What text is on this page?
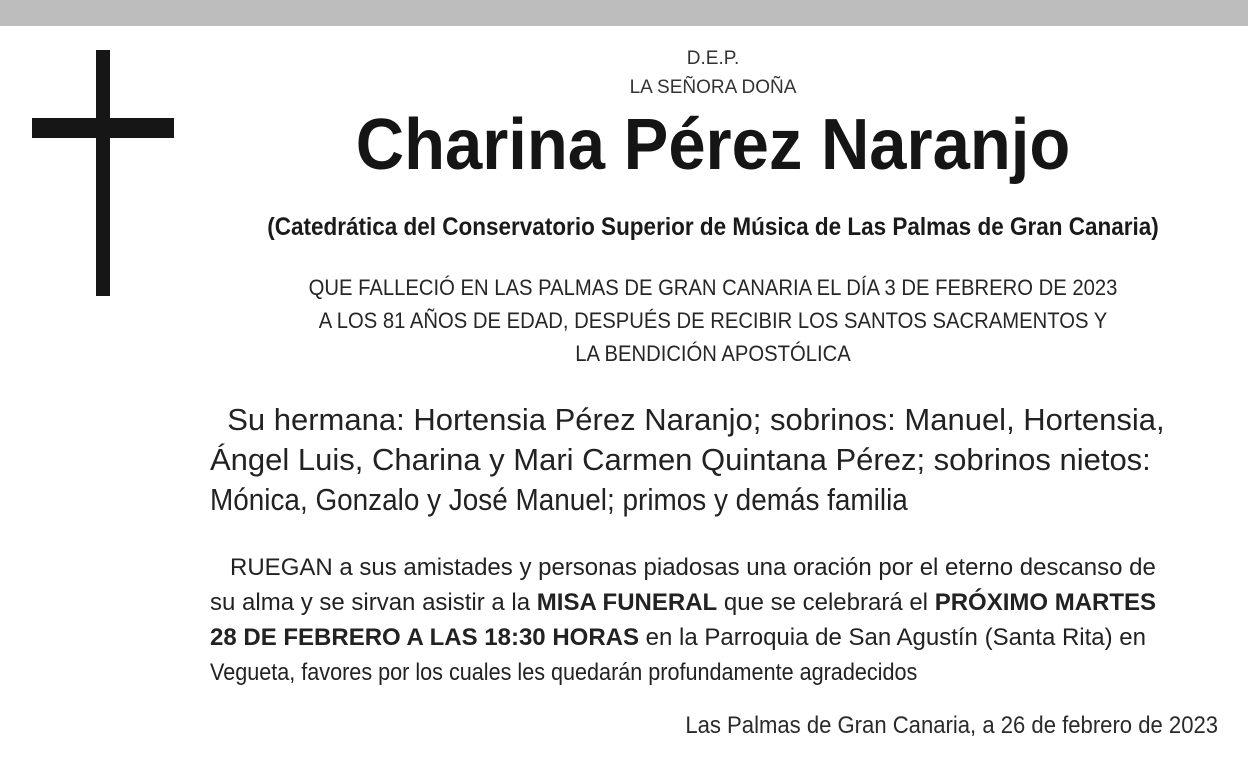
D.E.P.
LA SEÑORA DOÑA
Charina Pérez Naranjo
(Catedrática del Conservatorio Superior de Música de Las Palmas de Gran Canaria)
QUE FALLECIÓ EN LAS PALMAS DE GRAN CANARIA EL DÍA 3 DE FEBRERO DE 2023
A LOS 81 AÑOS DE EDAD, DESPUÉS DE RECIBIR LOS SANTOS SACRAMENTOS Y
LA BENDICIÓN APOSTÓLICA
Su hermana: Hortensia Pérez Naranjo; sobrinos: Manuel, Hortensia,
Ángel Luis, Charina y Mari Carmen Quintana Pérez; sobrinos nietos:
Mónica, Gonzalo y José Manuel; primos y demás familia
RUEGAN a sus amistades y personas piadosas una oración por el eterno descanso de
su alma y se sirvan asistir a la MISA FUNERAL que se celebrará el PRÓXIMO MARTES
28 DE FEBRERO A LAS 18:30 HORAS en la Parroquia de San Agustín (Santa Rita) en
Vegueta, favores por los cuales les quedarán profundamente agradecidos
Las Palmas de Gran Canaria, a 26 de febrero de 2023
